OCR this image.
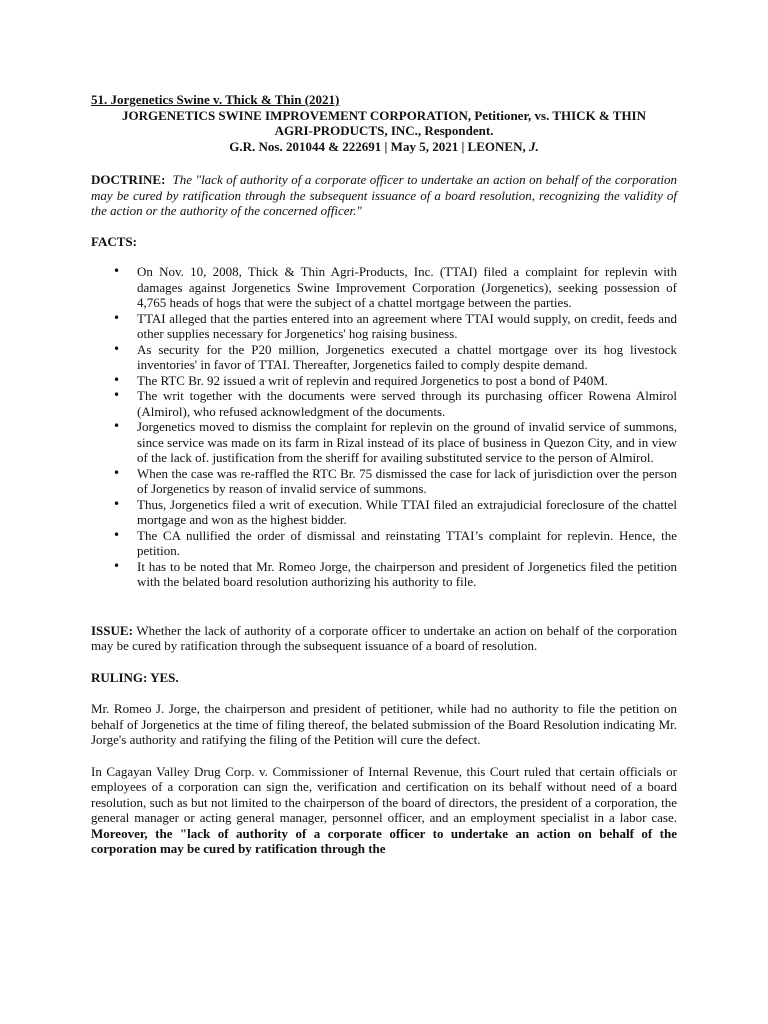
51. Jorgenetics Swine v. Thick & Thin (2021)

JORGENETICS SWINE IMPROVEMENT CORPORATION, Petitioner, vs. THICK & THIN

AGRI-PRODUCTS, INC., Respondent.

G.R. Nos. 201044 & 222691 | May 5, 2021 | LEONEN, J.

DOCTRINE: The "lack of authority of a corporate officer to undertake an action on behalf of the corporation may be cured by ratification through the subsequent issuance of a board resolution, recognizing the validity of the action or the authority of the concerned officer."

FACTS:

• On Nov. 10, 2008, Thick & Thin Agri-Products, Inc. (TTAI) filed a complaint for replevin with damages against Jorgenetics Swine Improvement Corporation (Jorgenetics), seeking possession of 4,765 heads of hogs that were the subject of a chattel mortgage between the parties.
• TTAI alleged that the parties entered into an agreement where TTAI would supply, on credit, feeds and other supplies necessary for Jorgenetics' hog raising business.
• As security for the P20 million, Jorgenetics executed a chattel mortgage over its hog livestock inventories' in favor of TTAI. Thereafter, Jorgenetics failed to comply despite demand.
• The RTC Br. 92 issued a writ of replevin and required Jorgenetics to post a bond of P40M.
• The writ together with the documents were served through its purchasing officer Rowena Almirol (Almirol), who refused acknowledgment of the documents.
• Jorgenetics moved to dismiss the complaint for replevin on the ground of invalid service of summons, since service was made on its farm in Rizal instead of its place of business in Quezon City, and in view of the lack of. justification from the sheriff for availing substituted service to the person of Almirol.
• When the case was re-raffled the RTC Br. 75 dismissed the case for lack of jurisdiction over the person of Jorgenetics by reason of invalid service of summons.
• Thus, Jorgenetics filed a writ of execution. While TTAI filed an extrajudicial foreclosure of the chattel mortgage and won as the highest bidder.
• The CA nullified the order of dismissal and reinstating TTAI’s complaint for replevin. Hence, the petition.
• It has to be noted that Mr. Romeo Jorge, the chairperson and president of Jorgenetics filed the petition with the belated board resolution authorizing his authority to file.

ISSUE: Whether the lack of authority of a corporate officer to undertake an action on behalf of the corporation may be cured by ratification through the subsequent issuance of a board of resolution.

RULING: YES.

Mr. Romeo J. Jorge, the chairperson and president of petitioner, while had no authority to file the petition on behalf of Jorgenetics at the time of filing thereof, the belated submission of the Board Resolution indicating Mr. Jorge's authority and ratifying the filing of the Petition will cure the defect.

In Cagayan Valley Drug Corp. v. Commissioner of Internal Revenue, this Court ruled that certain officials or employees of a corporation can sign the, verification and certification on its behalf without need of a board resolution, such as but not limited to the chairperson of the board of directors, the president of a corporation, the general manager or acting general manager, personnel officer, and an employment specialist in a labor case. Moreover, the "lack of authority of a corporate officer to undertake an action on behalf of the corporation may be cured by ratification through the
